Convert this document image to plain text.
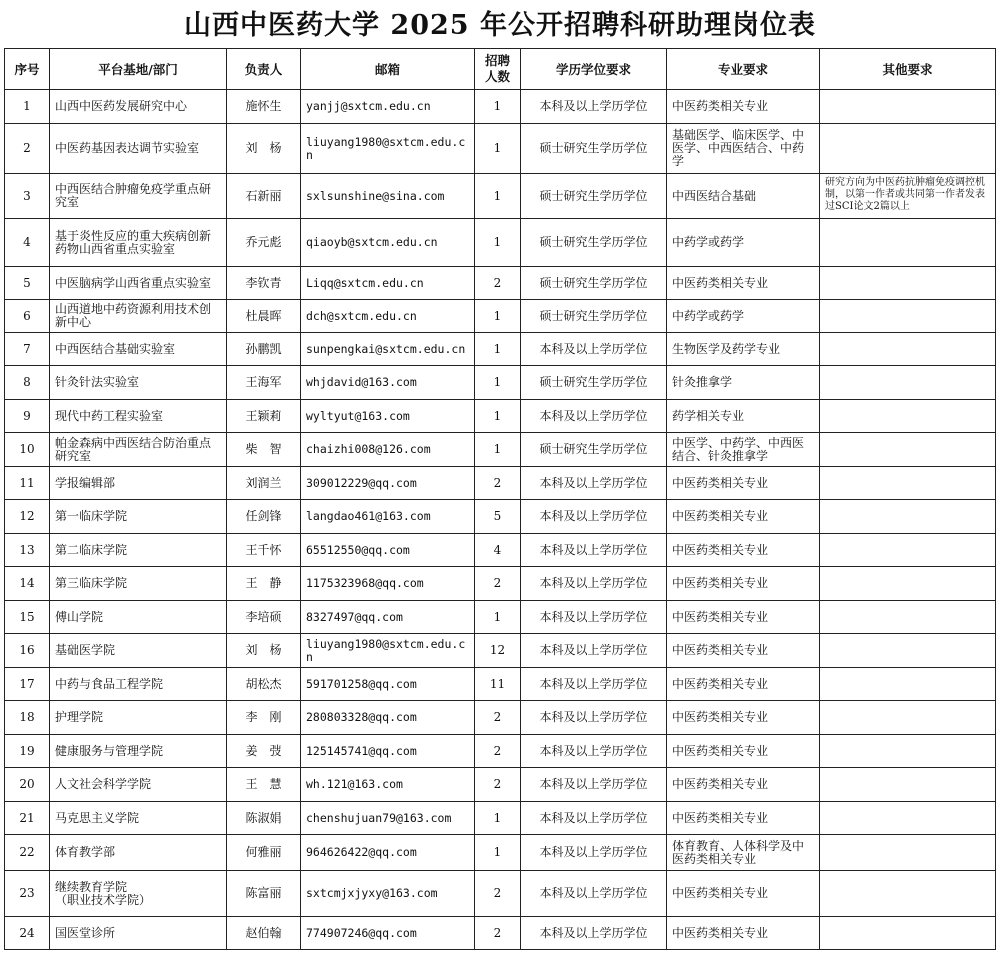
山西中医药大学 2025 年公开招聘科研助理岗位表
序号	平台基地/部门	负责人	邮箱	招聘人数	学历学位要求	专业要求	其他要求
1	山西中医药发展研究中心	施怀生	yanjj@sxtcm.edu.cn	1	本科及以上学历学位	中医药类相关专业	
2	中医药基因表达调节实验室	刘　杨	liuyang1980@sxtcm.edu.cn	1	硕士研究生学历学位	基础医学、临床医学、中医学、中西医结合、中药学	
3	中西医结合肿瘤免疫学重点研究室	石新丽	sxlsunshine@sina.com	1	硕士研究生学历学位	中西医结合基础	研究方向为中医药抗肿瘤免疫调控机制，以第一作者或共同第一作者发表过SCI论文2篇以上
4	基于炎性反应的重大疾病创新药物山西省重点实验室	乔元彪	qiaoyb@sxtcm.edu.cn	1	硕士研究生学历学位	中药学或药学	
5	中医脑病学山西省重点实验室	李钦青	Liqq@sxtcm.edu.cn	2	硕士研究生学历学位	中医药类相关专业	
6	山西道地中药资源利用技术创新中心	杜晨晖	dch@sxtcm.edu.cn	1	硕士研究生学历学位	中药学或药学	
7	中西医结合基础实验室	孙鹏凯	sunpengkai@sxtcm.edu.cn	1	本科及以上学历学位	生物医学及药学专业	
8	针灸针法实验室	王海军	whjdavid@163.com	1	硕士研究生学历学位	针灸推拿学	
9	现代中药工程实验室	王颖莉	wyltyut@163.com	1	本科及以上学历学位	药学相关专业	
10	帕金森病中西医结合防治重点研究室	柴　智	chaizhi008@126.com	1	硕士研究生学历学位	中医学、中药学、中西医结合、针灸推拿学	
11	学报编辑部	刘润兰	309012229@qq.com	2	本科及以上学历学位	中医药类相关专业	
12	第一临床学院	任剑锋	langdao461@163.com	5	本科及以上学历学位	中医药类相关专业	
13	第二临床学院	王千怀	65512550@qq.com	4	本科及以上学历学位	中医药类相关专业	
14	第三临床学院	王　静	1175323968@qq.com	2	本科及以上学历学位	中医药类相关专业	
15	傅山学院	李培硕	8327497@qq.com	1	本科及以上学历学位	中医药类相关专业	
16	基础医学院	刘　杨	liuyang1980@sxtcm.edu.cn	12	本科及以上学历学位	中医药类相关专业	
17	中药与食品工程学院	胡松杰	591701258@qq.com	11	本科及以上学历学位	中医药类相关专业	
18	护理学院	李　刚	280803328@qq.com	2	本科及以上学历学位	中医药类相关专业	
19	健康服务与管理学院	姜　弢	125145741@qq.com	2	本科及以上学历学位	中医药类相关专业	
20	人文社会科学学院	王　慧	wh.121@163.com	2	本科及以上学历学位	中医药类相关专业	
21	马克思主义学院	陈淑娟	chenshujuan79@163.com	1	本科及以上学历学位	中医药类相关专业	
22	体育教学部	何雅丽	964626422@qq.com	1	本科及以上学历学位	体育教育、人体科学及中医药类相关专业	
23	继续教育学院
（职业技术学院）	陈富丽	sxtcmjxjyxy@163.com	2	本科及以上学历学位	中医药类相关专业	
24	国医堂诊所	赵伯翰	774907246@qq.com	2	本科及以上学历学位	中医药类相关专业	
